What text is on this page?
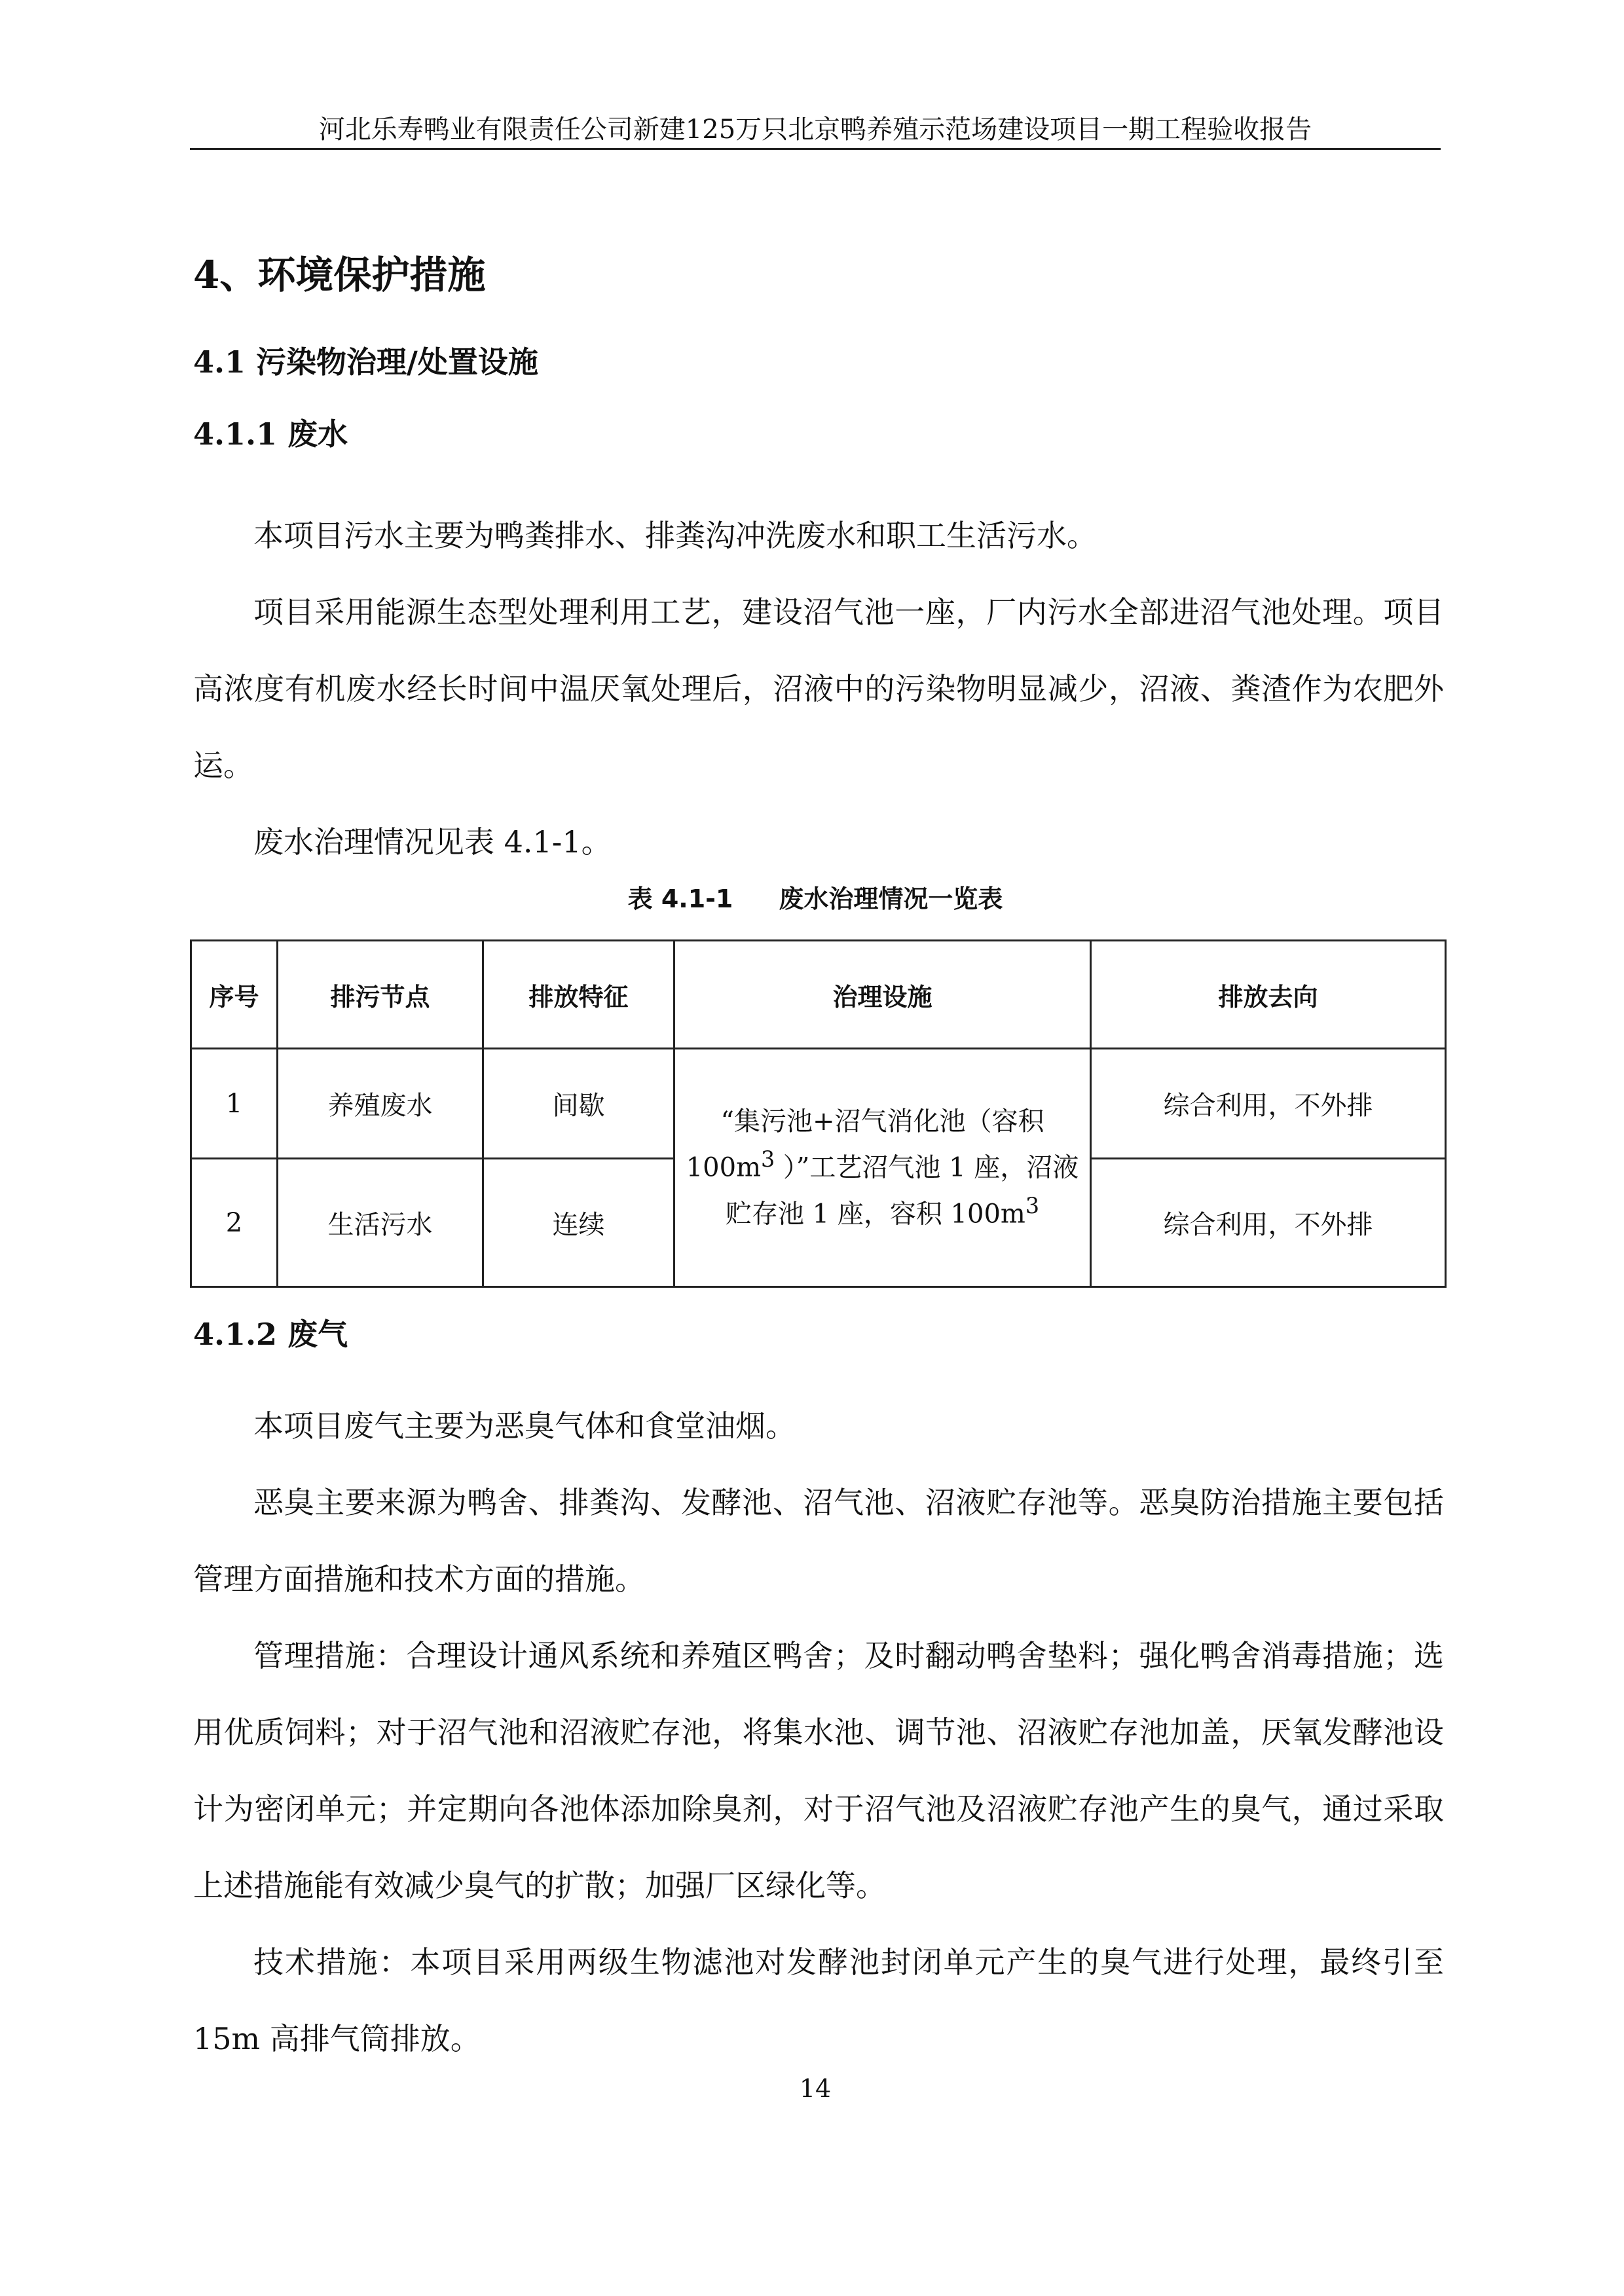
河北乐寿鸭业有限责任公司新建125万只北京鸭养殖示范场建设项目一期工程验收报告
4、环境保护措施
4.1 污染物治理/处置设施
4.1.1 废水

本项目污水主要为鸭粪排水、排粪沟冲洗废水和职工生活污水。

项目采用能源生态型处理利用工艺，建设沼气池一座，厂内污水全部进沼气池处理。项目高浓度有机废水经长时间中温厌氧处理后，沼液中的污染物明显减少，沼液、粪渣作为农肥外运。

废水治理情况见表 4.1-1。

表 4.1-1 废水治理情况一览表
序号	排污节点	排放特征	治理设施	排放去向
1	养殖废水	间歇	“集污池+沼气消化池（容积
$100m^3$ ）”工艺沼气池 1 座，沼液
贮存池 1 座，容积 $100m^3$	综合利用，不外排
2	生活污水	连续		综合利用，不外排
4.1.2 废气

本项目废气主要为恶臭气体和食堂油烟。

恶臭主要来源为鸭舍、排粪沟、发酵池、沼气池、沼液贮存池等。恶臭防治措施主要包括管理方面措施和技术方面的措施。

管理措施：合理设计通风系统和养殖区鸭舍；及时翻动鸭舍垫料；强化鸭舍消毒措施；选用优质饲料；对于沼气池和沼液贮存池，将集水池、调节池、沼液贮存池加盖，厌氧发酵池设计为密闭单元；并定期向各池体添加除臭剂，对于沼气池及沼液贮存池产生的臭气，通过采取上述措施能有效减少臭气的扩散；加强厂区绿化等。

技术措施：本项目采用两级生物滤池对发酵池封闭单元产生的臭气进行处理，最终引至 15m 高排气筒排放。

14
